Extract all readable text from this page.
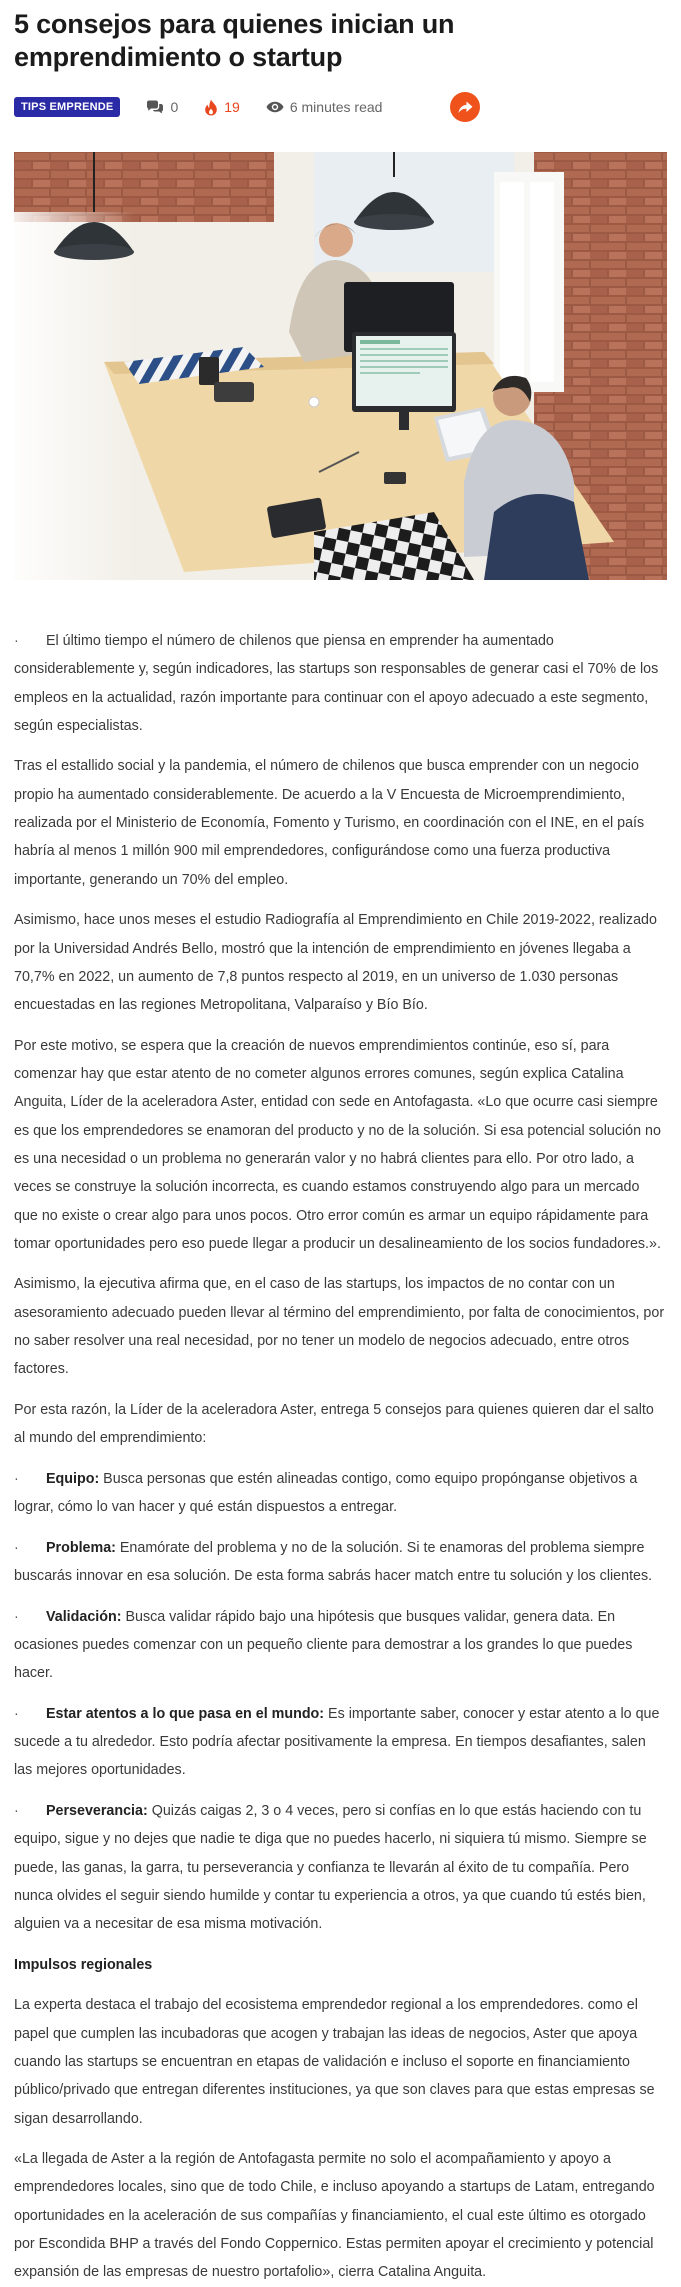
5 consejos para quienes inician un emprendimiento o startup
TIPS EMPRENDE	0	19	6 minutes read

· El último tiempo el número de chilenos que piensa en emprender ha aumentado considerablemente y, según indicadores, las startups son responsables de generar casi el 70% de los empleos en la actualidad, razón importante para continuar con el apoyo adecuado a este segmento, según especialistas.

Tras el estallido social y la pandemia, el número de chilenos que busca emprender con un negocio propio ha aumentado considerablemente. De acuerdo a la V Encuesta de Microemprendimiento, realizada por el Ministerio de Economía, Fomento y Turismo, en coordinación con el INE, en el país habría al menos 1 millón 900 mil emprendedores, configurándose como una fuerza productiva importante, generando un 70% del empleo.

Asimismo, hace unos meses el estudio Radiografía al Emprendimiento en Chile 2019-2022, realizado por la Universidad Andrés Bello, mostró que la intención de emprendimiento en jóvenes llegaba a 70,7% en 2022, un aumento de 7,8 puntos respecto al 2019, en un universo de 1.030 personas encuestadas en las regiones Metropolitana, Valparaíso y Bío Bío.

Por este motivo, se espera que la creación de nuevos emprendimientos continúe, eso sí, para comenzar hay que estar atento de no cometer algunos errores comunes, según explica Catalina Anguita, Líder de la aceleradora Aster, entidad con sede en Antofagasta. «Lo que ocurre casi siempre es que los emprendedores se enamoran del producto y no de la solución. Si esa potencial solución no es una necesidad o un problema no generarán valor y no habrá clientes para ello. Por otro lado, a veces se construye la solución incorrecta, es cuando estamos construyendo algo para un mercado que no existe o crear algo para unos pocos. Otro error común es armar un equipo rápidamente para tomar oportunidades pero eso puede llegar a producir un desalineamiento de los socios fundadores.».

Asimismo, la ejecutiva afirma que, en el caso de las startups, los impactos de no contar con un asesoramiento adecuado pueden llevar al término del emprendimiento, por falta de conocimientos, por no saber resolver una real necesidad, por no tener un modelo de negocios adecuado, entre otros factores.

Por esta razón, la Líder de la aceleradora Aster, entrega 5 consejos para quienes quieren dar el salto al mundo del emprendimiento:

· Equipo: Busca personas que estén alineadas contigo, como equipo propónganse objetivos a lograr, cómo lo van hacer y qué están dispuestos a entregar.

· Problema: Enamórate del problema y no de la solución. Si te enamoras del problema siempre buscarás innovar en esa solución. De esta forma sabrás hacer match entre tu solución y los clientes.

· Validación: Busca validar rápido bajo una hipótesis que busques validar, genera data. En ocasiones puedes comenzar con un pequeño cliente para demostrar a los grandes lo que puedes hacer.

· Estar atentos a lo que pasa en el mundo: Es importante saber, conocer y estar atento a lo que sucede a tu alrededor. Esto podría afectar positivamente la empresa. En tiempos desafiantes, salen las mejores oportunidades.

· Perseverancia: Quizás caigas 2, 3 o 4 veces, pero si confías en lo que estás haciendo con tu equipo, sigue y no dejes que nadie te diga que no puedes hacerlo, ni siquiera tú mismo. Siempre se puede, las ganas, la garra, tu perseverancia y confianza te llevarán al éxito de tu compañía. Pero nunca olvides el seguir siendo humilde y contar tu experiencia a otros, ya que cuando tú estés bien, alguien va a necesitar de esa misma motivación.

Impulsos regionales

La experta destaca el trabajo del ecosistema emprendedor regional a los emprendedores. como el papel que cumplen las incubadoras que acogen y trabajan las ideas de negocios, Aster que apoya cuando las startups se encuentran en etapas de validación e incluso el soporte en financiamiento público/privado que entregan diferentes instituciones, ya que son claves para que estas empresas se sigan desarrollando.

«La llegada de Aster a la región de Antofagasta permite no solo el acompañamiento y apoyo a emprendedores locales, sino que de todo Chile, e incluso apoyando a startups de Latam, entregando oportunidades en la aceleración de sus compañías y financiamiento, el cual este último es otorgado por Escondida BHP a través del Fondo Coppernico. Estas permiten apoyar el crecimiento y potencial expansión de las empresas de nuestro portafolio», cierra Catalina Anguita.
